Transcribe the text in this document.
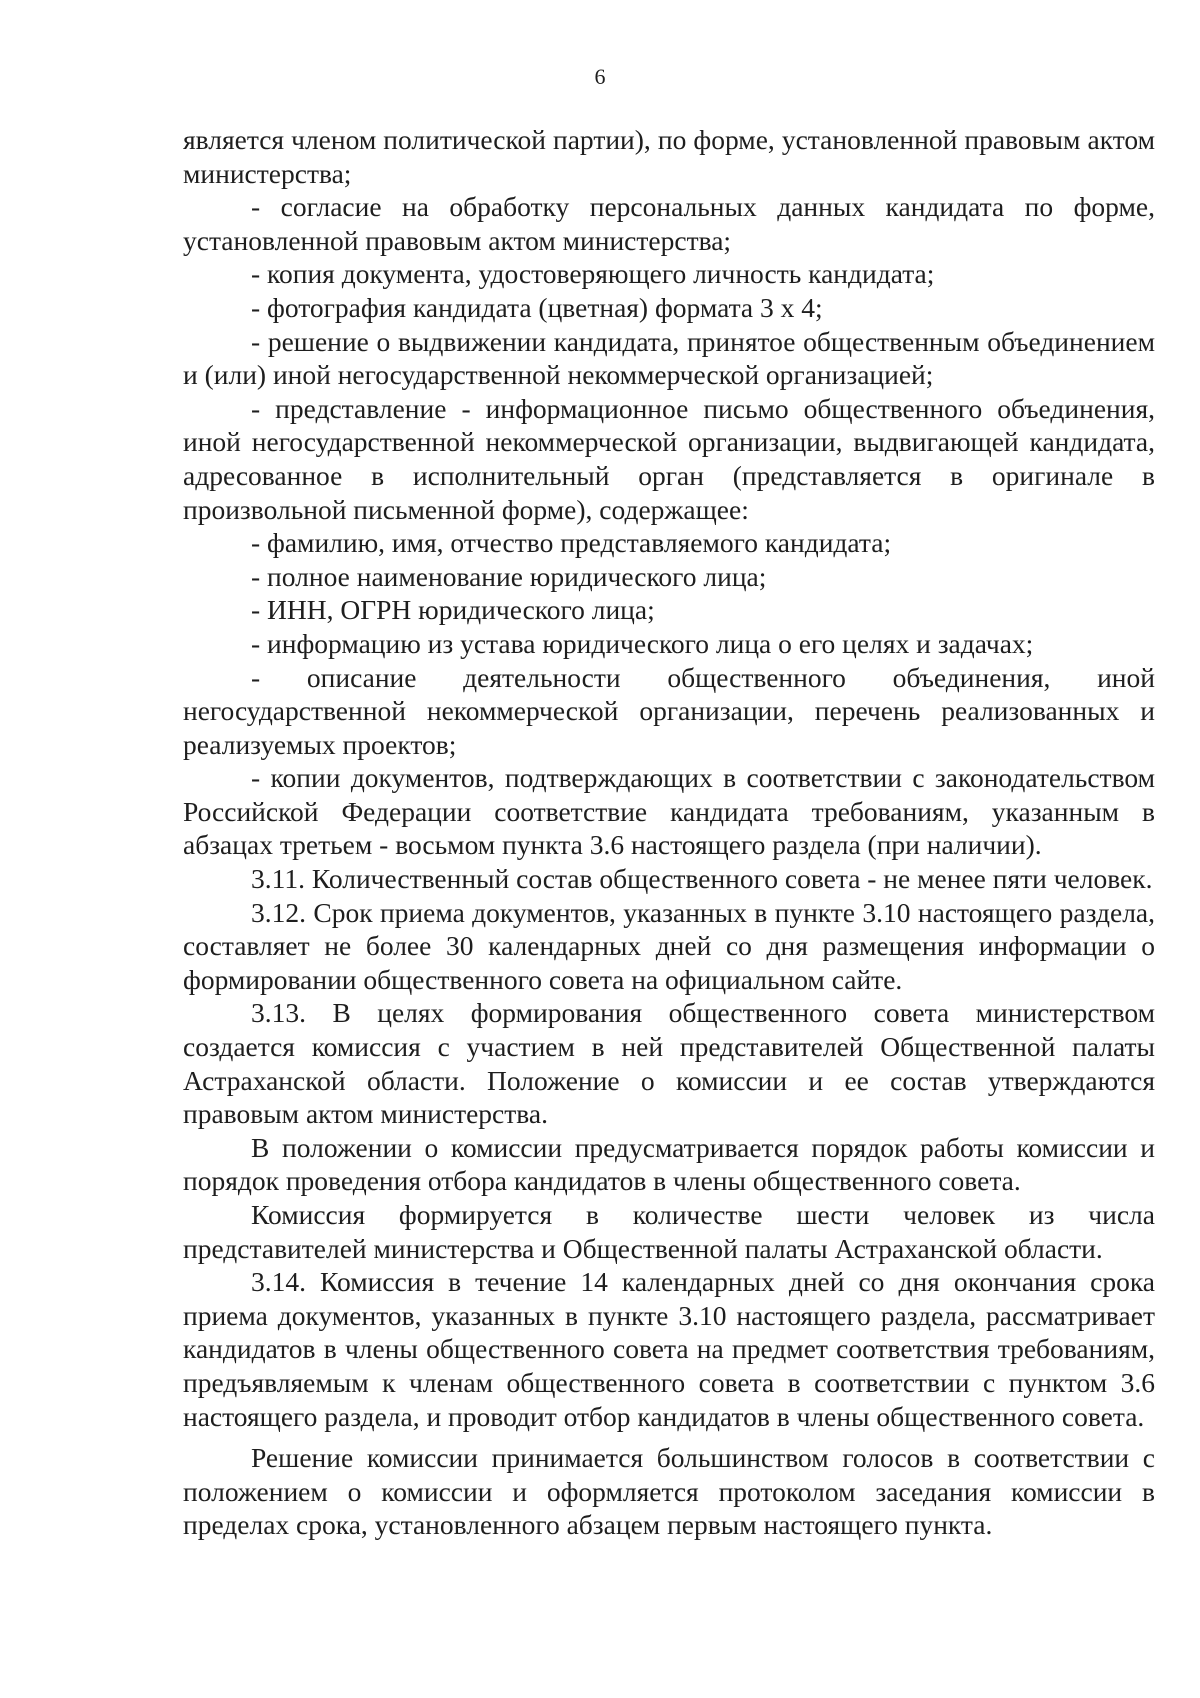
6

является членом политической партии), по форме, установленной правовым актом министерства;

- согласие на обработку персональных данных кандидата по форме, установленной правовым актом министерства;

- копия документа, удостоверяющего личность кандидата;

- фотография кандидата (цветная) формата 3 х 4;

- решение о выдвижении кандидата, принятое общественным объединением и (или) иной негосударственной некоммерческой организацией;

- представление - информационное письмо общественного объединения, иной негосударственной некоммерческой организации, выдвигающей кандидата, адресованное в исполнительный орган (представляется в оригинале в произвольной письменной форме), содержащее:

- фамилию, имя, отчество представляемого кандидата;

- полное наименование юридического лица;

- ИНН, ОГРН юридического лица;

- информацию из устава юридического лица о его целях и задачах;

- описание деятельности общественного объединения, иной негосударственной некоммерческой организации, перечень реализованных и реализуемых проектов;

- копии документов, подтверждающих в соответствии с законодательством Российской Федерации соответствие кандидата требованиям, указанным в абзацах третьем - восьмом пункта 3.6 настоящего раздела (при наличии).

3.11. Количественный состав общественного совета - не менее пяти человек.

3.12. Срок приема документов, указанных в пункте 3.10 настоящего раздела, составляет не более 30 календарных дней со дня размещения информации о формировании общественного совета на официальном сайте.

3.13. В целях формирования общественного совета министерством создается комиссия с участием в ней представителей Общественной палаты Астраханской области. Положение о комиссии и ее состав утверждаются правовым актом министерства.

В положении о комиссии предусматривается порядок работы комиссии и порядок проведения отбора кандидатов в члены общественного совета.

Комиссия формируется в количестве шести человек из числа представителей министерства и Общественной палаты Астраханской области.

3.14. Комиссия в течение 14 календарных дней со дня окончания срока приема документов, указанных в пункте 3.10 настоящего раздела, рассматривает кандидатов в члены общественного совета на предмет соответствия требованиям, предъявляемым к членам общественного совета в соответствии с пунктом 3.6 настоящего раздела, и проводит отбор кандидатов в члены общественного совета.

Решение комиссии принимается большинством голосов в соответствии с положением о комиссии и оформляется протоколом заседания комиссии в пределах срока, установленного абзацем первым настоящего пункта.
